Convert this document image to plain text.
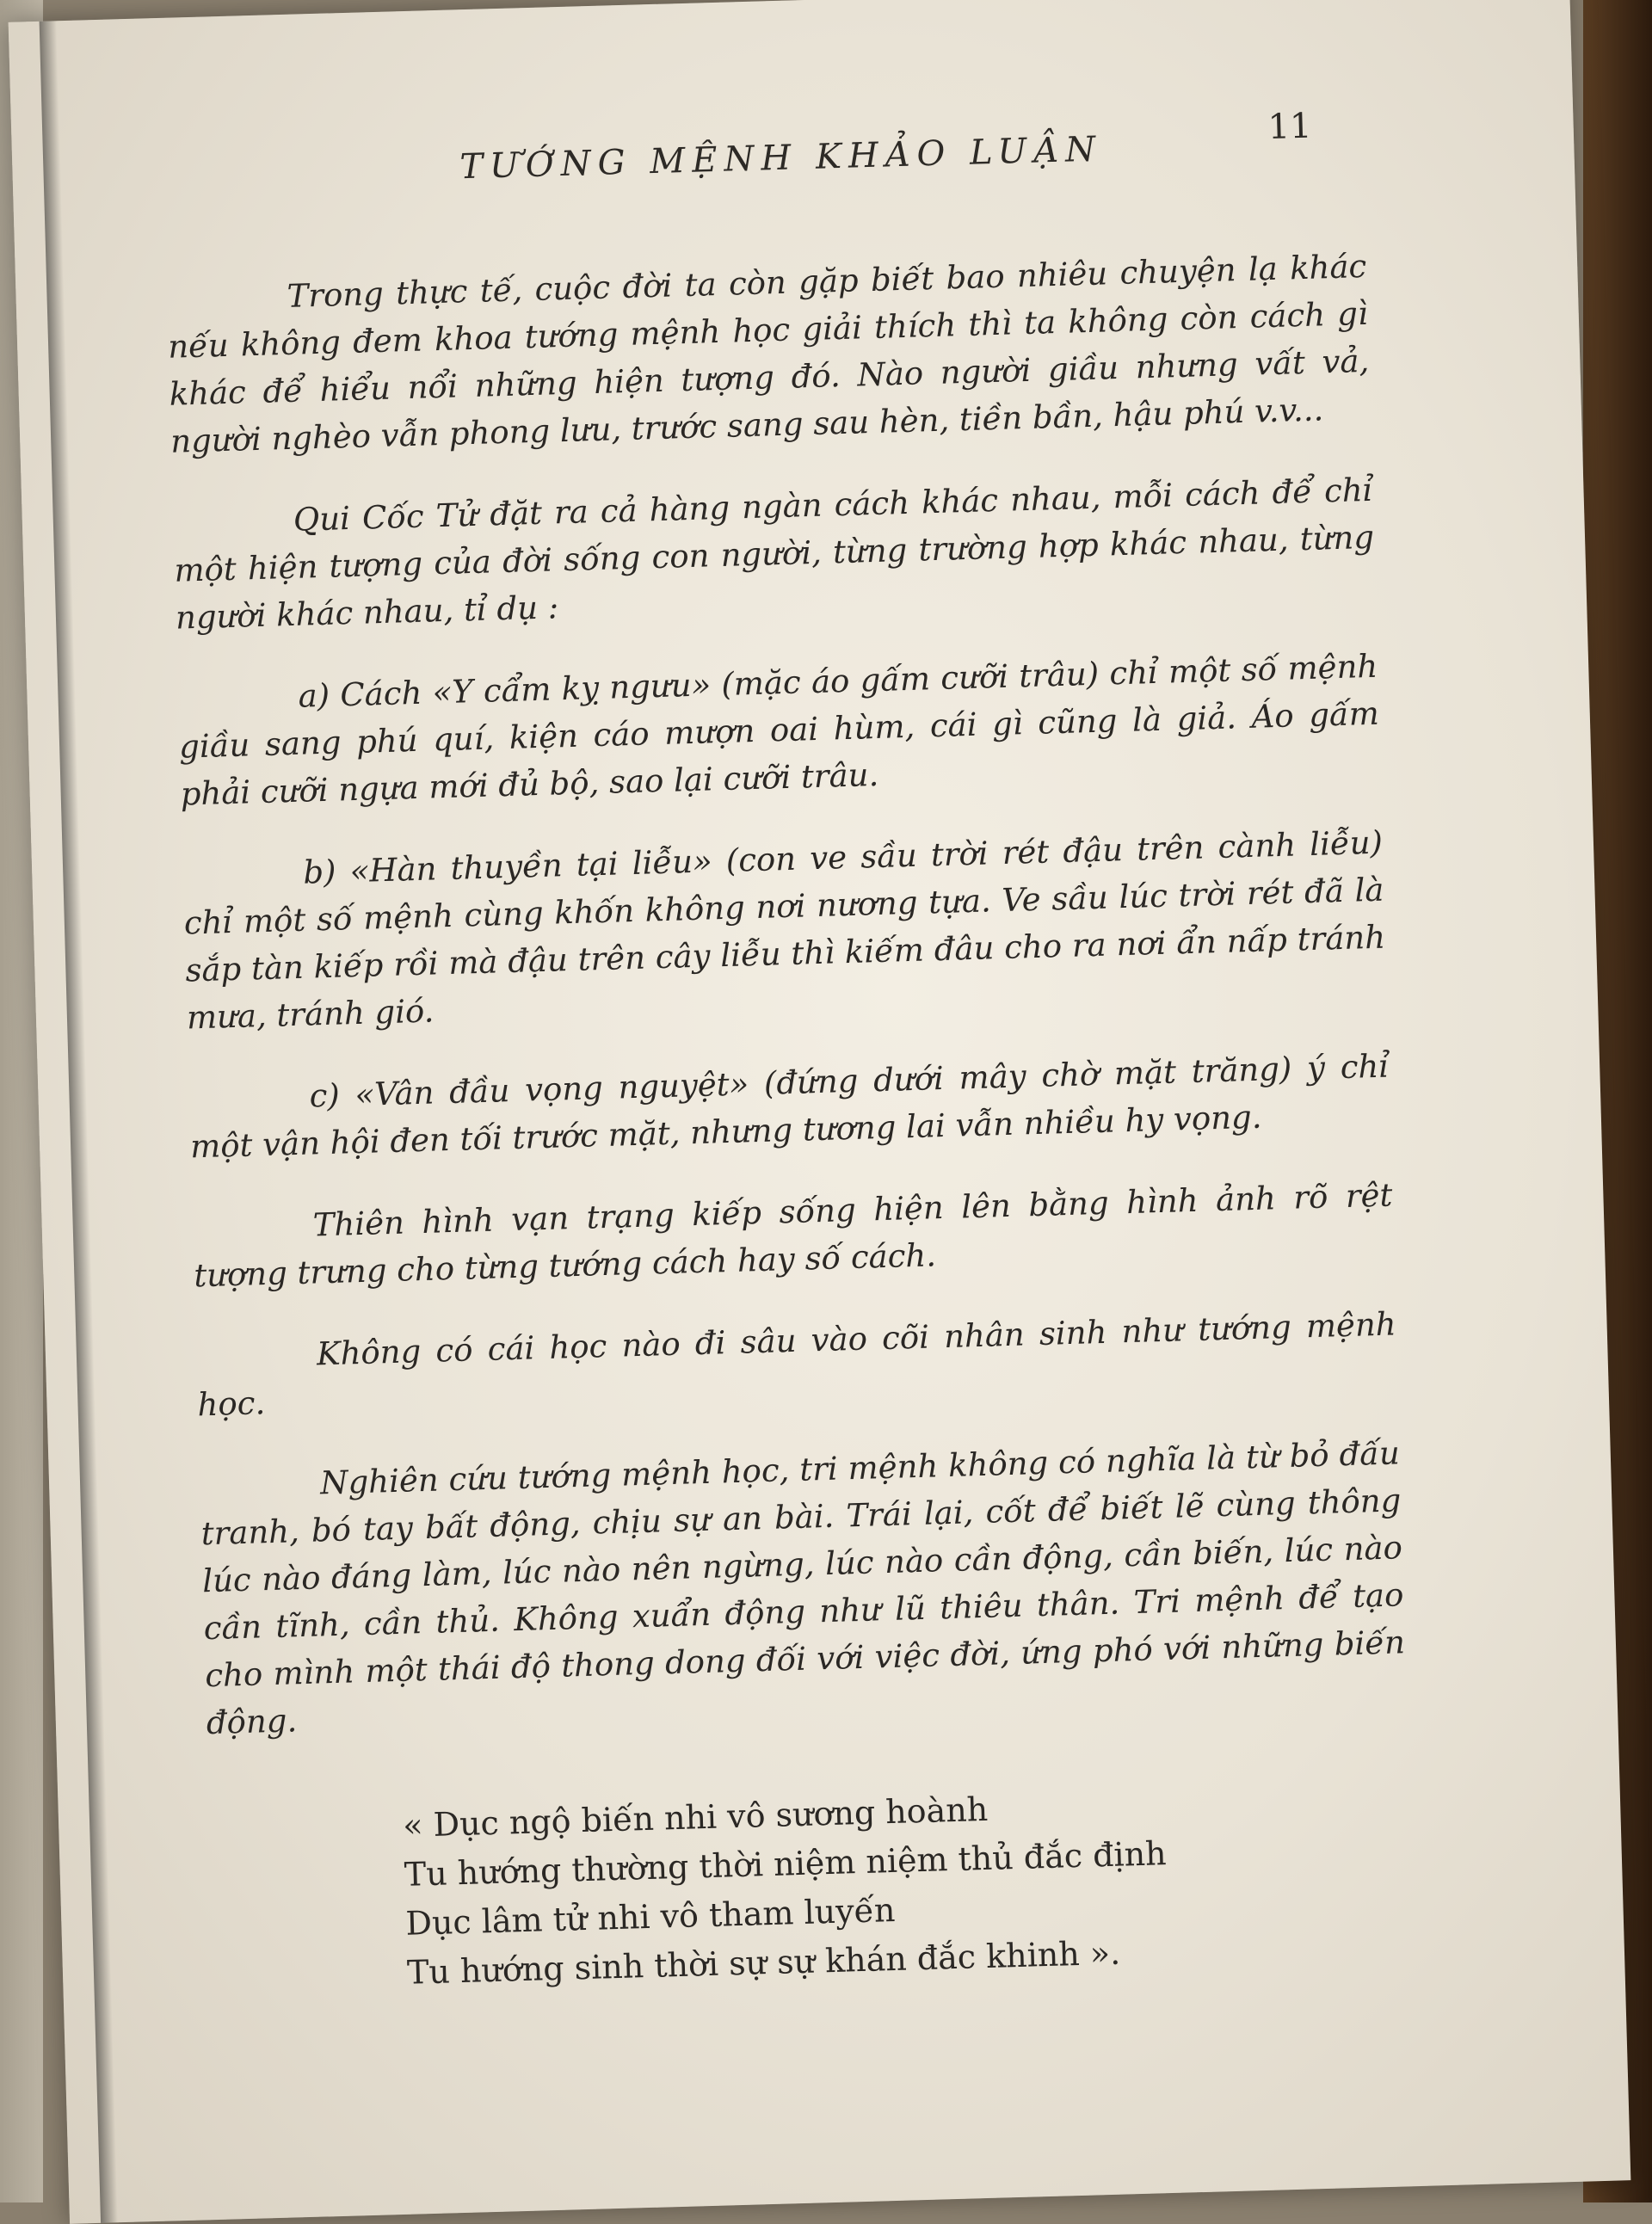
TƯỚNG MỆNH KHẢO LUẬN
11

Trong thực tế, cuộc đời ta còn gặp biết bao nhiêu chuyện lạ khác nếu không đem khoa tướng mệnh học giải thích thì ta không còn cách gì khác để hiểu nổi những hiện tượng đó. Nào người giầu nhưng vất vả, người nghèo vẫn phong lưu, trước sang sau hèn, tiền bần, hậu phú v.v...

Qui Cốc Tử đặt ra cả hàng ngàn cách khác nhau, mỗi cách để chỉ một hiện tượng của đời sống con người, từng trường hợp khác nhau, từng người khác nhau, tỉ dụ :

a) Cách «Y cẩm kỵ ngưu» (mặc áo gấm cưỡi trâu) chỉ một số mệnh giầu sang phú quí, kiện cáo mượn oai hùm, cái gì cũng là giả. Áo gấm phải cưỡi ngựa mới đủ bộ, sao lại cưỡi trâu.

b) «Hàn thuyền tại liễu» (con ve sầu trời rét đậu trên cành liễu) chỉ một số mệnh cùng khốn không nơi nương tựa. Ve sầu lúc trời rét đã là sắp tàn kiếp rồi mà đậu trên cây liễu thì kiếm đâu cho ra nơi ẩn nấp tránh mưa, tránh gió.

c) «Vân đầu vọng nguyệt» (đứng dưới mây chờ mặt trăng) ý chỉ một vận hội đen tối trước mặt, nhưng tương lai vẫn nhiều hy vọng.

Thiên hình vạn trạng kiếp sống hiện lên bằng hình ảnh rõ rệt tượng trưng cho từng tướng cách hay số cách.

Không có cái học nào đi sâu vào cõi nhân sinh như tướng mệnh học.

Nghiên cứu tướng mệnh học, tri mệnh không có nghĩa là từ bỏ đấu tranh, bó tay bất động, chịu sự an bài. Trái lại, cốt để biết lẽ cùng thông lúc nào đáng làm, lúc nào nên ngừng, lúc nào cần động, cần biến, lúc nào cần tĩnh, cần thủ. Không xuẩn động như lũ thiêu thân. Tri mệnh để tạo cho mình một thái độ thong dong đối với việc đời, ứng phó với những biến động.

« Dục ngộ biến nhi vô sương hoành
Tu hướng thường thời niệm niệm thủ đắc định
Dục lâm tử nhi vô tham luyến
Tu hướng sinh thời sự sự khán đắc khinh ».
